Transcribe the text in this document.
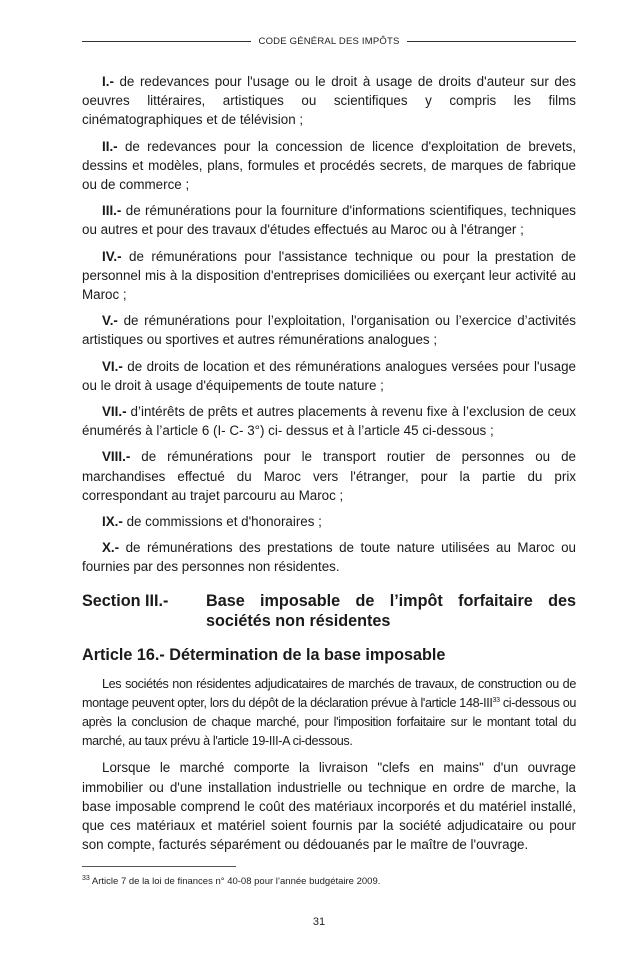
CODE GÉNÉRAL DES IMPÔTS

I.- de redevances pour l'usage ou le droit à usage de droits d'auteur sur des oeuvres littéraires, artistiques ou scientifiques y compris les films cinématographiques et de télévision ;

II.- de redevances pour la concession de licence d'exploitation de brevets, dessins et modèles, plans, formules et procédés secrets, de marques de fabrique ou de commerce ;

III.- de rémunérations pour la fourniture d'informations scientifiques, techniques ou autres et pour des travaux d'études effectués au Maroc ou à l'étranger ;

IV.- de rémunérations pour l'assistance technique ou pour la prestation de personnel mis à la disposition d'entreprises domiciliées ou exerçant leur activité au Maroc ;

V.- de rémunérations pour l’exploitation, l'organisation ou l’exercice d’activités artistiques ou sportives et autres rémunérations analogues ;

VI.- de droits de location et des rémunérations analogues versées pour l'usage ou le droit à usage d'équipements de toute nature ;

VII.- d’intérêts de prêts et autres placements à revenu fixe à l’exclusion de ceux énumérés à l’article 6 (I- C- 3°) ci- dessus et à l’article 45 ci-dessous ;

VIII.- de rémunérations pour le transport routier de personnes ou de marchandises effectué du Maroc vers l'étranger, pour la partie du prix correspondant au trajet parcouru au Maroc ;

IX.- de commissions et d'honoraires ;

X.- de rémunérations des prestations de toute nature utilisées au Maroc ou fournies par des personnes non résidentes.

Section III.-	Base imposable de l’impôt forfaitaire des sociétés non résidentes
Article 16.- Détermination de la base imposable

Les sociétés non résidentes adjudicataires de marchés de travaux, de construction ou de montage peuvent opter, lors du dépôt de la déclaration prévue à l'article 148-III$^{33}$ ci-dessous ou après la conclusion de chaque marché, pour l'imposition forfaitaire sur le montant total du marché, au taux prévu à l'article 19-III-A ci-dessous.

Lorsque le marché comporte la livraison "clefs en mains" d'un ouvrage immobilier ou d'une installation industrielle ou technique en ordre de marche, la base imposable comprend le coût des matériaux incorporés et du matériel installé, que ces matériaux et matériel soient fournis par la société adjudicataire ou pour son compte, facturés séparément ou dédouanés par le maître de l'ouvrage.

$^{33}$ Article 7 de la loi de finances n° 40-08 pour l’année budgétaire 2009.
31
